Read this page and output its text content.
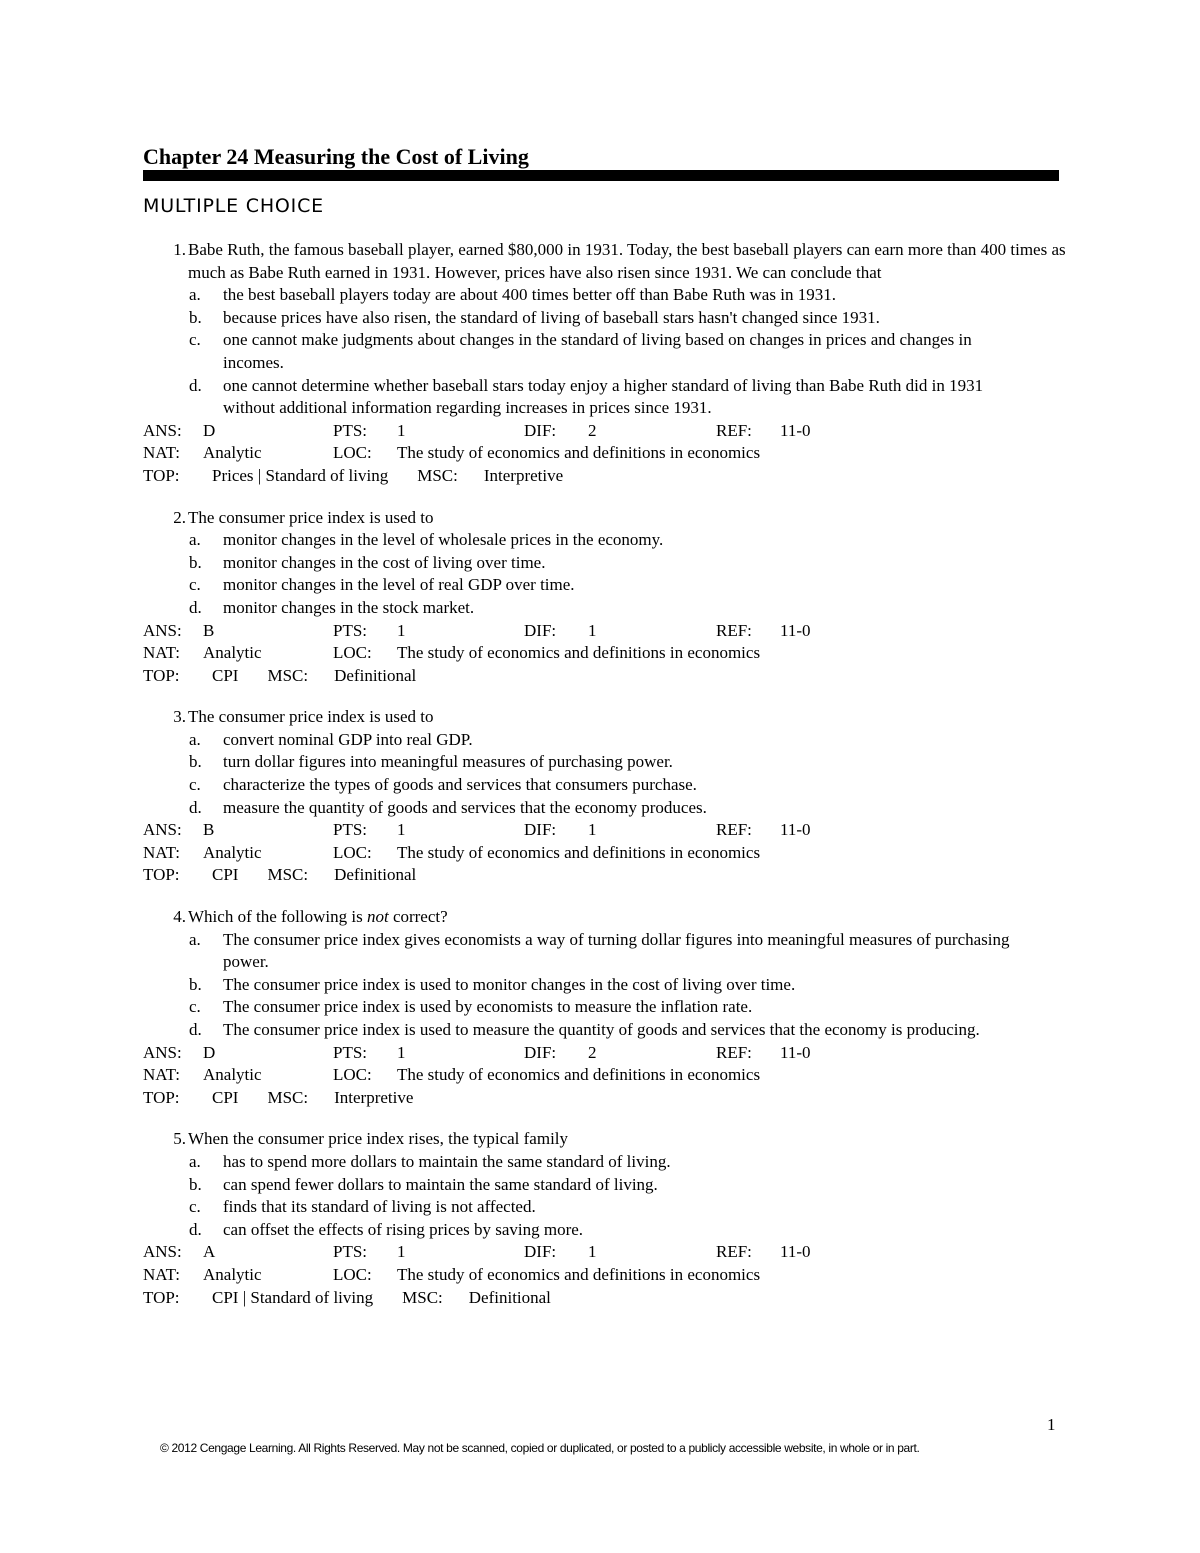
Chapter 24 Measuring the Cost of Living
MULTIPLE CHOICE
1. Babe Ruth, the famous baseball player, earned $80,000 in 1931. Today, the best baseball players can earn more than 400 times as much as Babe Ruth earned in 1931. However, prices have also risen since 1931. We can conclude that
a.	the best baseball players today are about 400 times better off than Babe Ruth was in 1931.
b.	because prices have also risen, the standard of living of baseball stars hasn't changed since 1931.
c.	one cannot make judgments about changes in the standard of living based on changes in prices and changes in incomes.
d.	one cannot determine whether baseball stars today enjoy a higher standard of living than Babe Ruth did in 1931 without additional information regarding increases in prices since 1931.
ANS: D	PTS: 1	DIF: 2	REF: 11-0
NAT: Analytic	LOC: The study of economics and definitions in economics
TOP:	Prices | Standard of living MSC: Interpretive
2. The consumer price index is used to
a.	monitor changes in the level of wholesale prices in the economy.
b.	monitor changes in the cost of living over time.
c.	monitor changes in the level of real GDP over time.
d.	monitor changes in the stock market.
ANS: B	PTS: 1	DIF: 1	REF: 11-0
NAT: Analytic	LOC: The study of economics and definitions in economics
TOP:	CPI MSC: Definitional
3. The consumer price index is used to
a.	convert nominal GDP into real GDP.
b.	turn dollar figures into meaningful measures of purchasing power.
c.	characterize the types of goods and services that consumers purchase.
d.	measure the quantity of goods and services that the economy produces.
ANS: B	PTS: 1	DIF: 1	REF: 11-0
NAT: Analytic	LOC: The study of economics and definitions in economics
TOP:	CPI MSC: Definitional
4. Which of the following is not correct?
a.	The consumer price index gives economists a way of turning dollar figures into meaningful measures of purchasing power.
b.	The consumer price index is used to monitor changes in the cost of living over time.
c.	The consumer price index is used by economists to measure the inflation rate.
d.	The consumer price index is used to measure the quantity of goods and services that the economy is producing.
ANS: D	PTS: 1	DIF: 2	REF: 11-0
NAT: Analytic	LOC: The study of economics and definitions in economics
TOP:	CPI MSC: Interpretive
5. When the consumer price index rises, the typical family
a.	has to spend more dollars to maintain the same standard of living.
b.	can spend fewer dollars to maintain the same standard of living.
c.	finds that its standard of living is not affected.
d.	can offset the effects of rising prices by saving more.
ANS: A	PTS: 1	DIF: 1	REF: 11-0
NAT: Analytic	LOC: The study of economics and definitions in economics
TOP:	CPI | Standard of living MSC: Definitional
1
© 2012 Cengage Learning. All Rights Reserved. May not be scanned, copied or duplicated, or posted to a publicly accessible website, in whole or in part.
